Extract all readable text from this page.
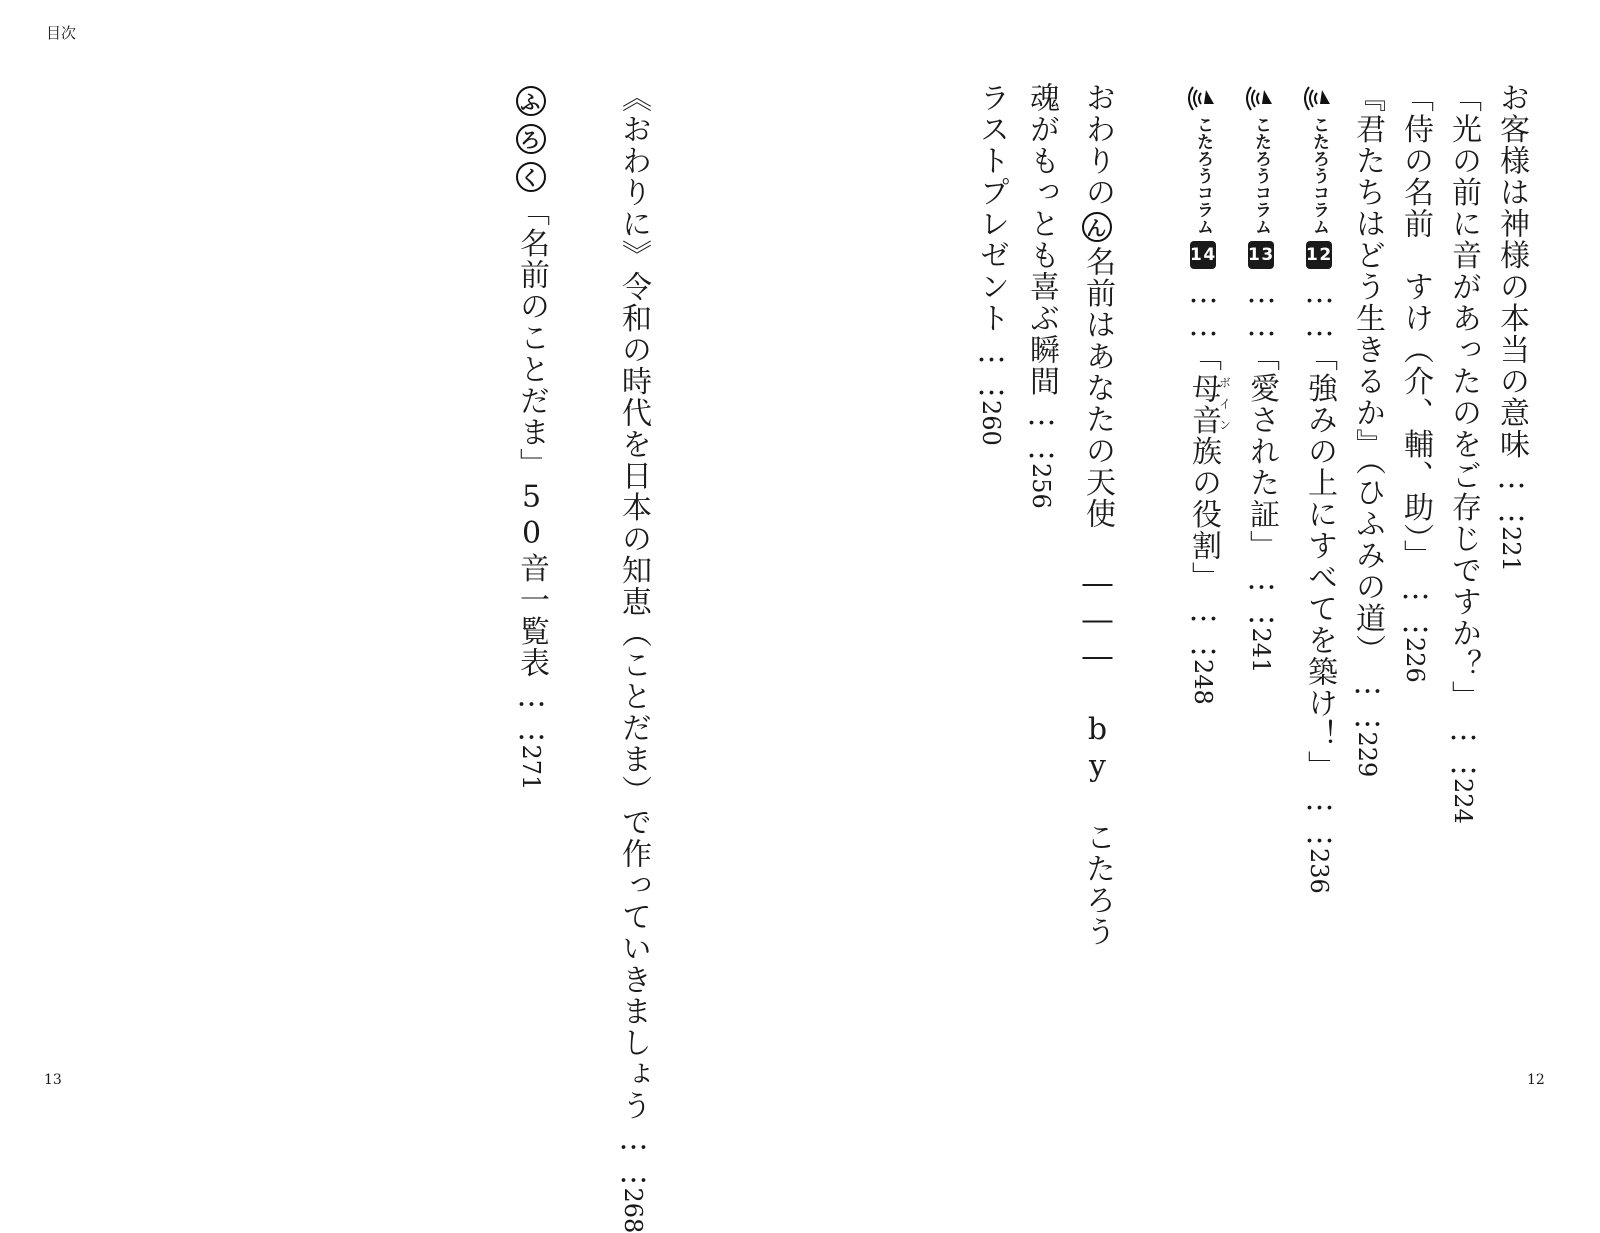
目次
お客様は神様の本当の意味……221
「光の前に音があったのをご存じですか？」……224
「侍の名前　すけ（介、輔、助）」……226
『君たちはどう生きるか』（ひふみの道）……229
こたろうコラム12……「強みの上にすべてを築け！」……236
こたろうコラム13……「愛された証」……241
こたろうコラム14……「母音ボイン族の役割」……248
おわりのん名前はあなたの天使 ――― by こたろう
魂がもっとも喜ぶ瞬間……256
ラストプレゼント……260
《おわりに》令和の時代を日本の知恵（ことだま）で作っていきましょう……268
ふろく「名前のことだま」50音一覧表……271
13	12
